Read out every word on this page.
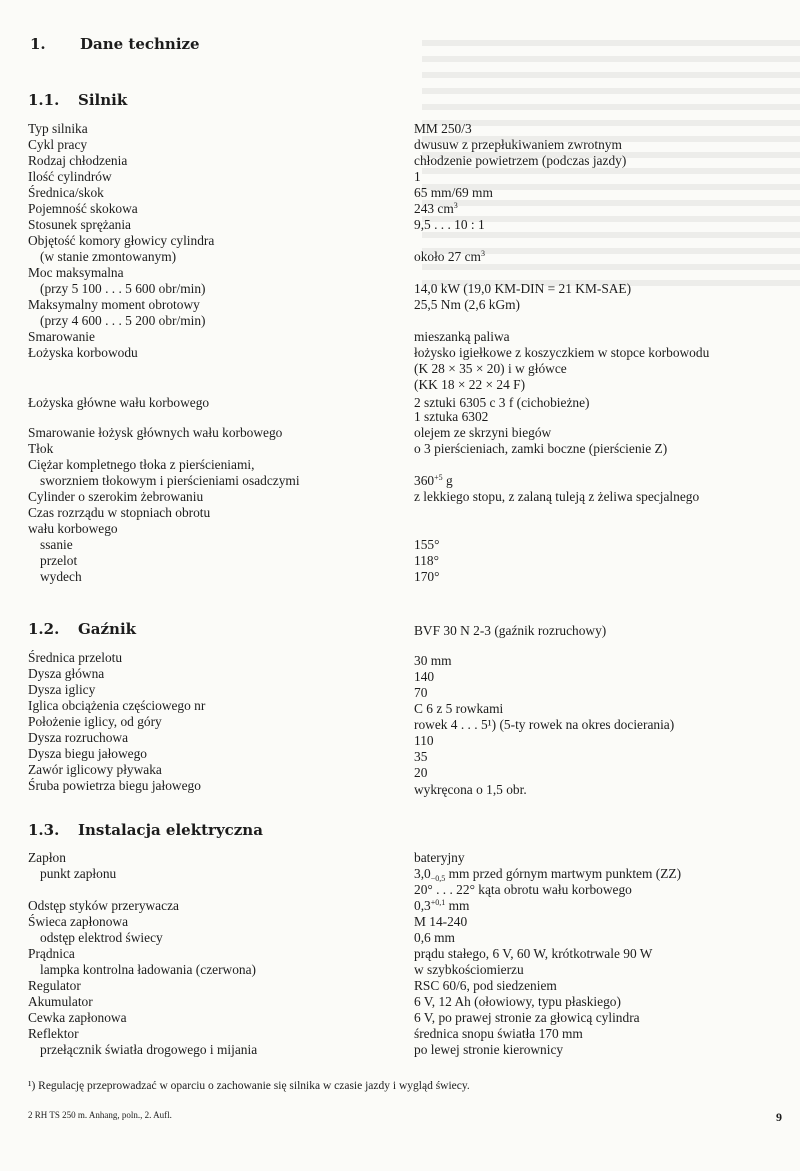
1. Dane technize
1.1. Silnik
1.2. Gaźnik
1.3. Instalacja elektryczna
Typ silnika	MM 250/3
Cykl pracy	dwusuw z przepłukiwaniem zwrotnym
Rodzaj chłodzenia	chłodzenie powietrzem (podczas jazdy)
Ilość cylindrów	1
Średnica/skok	65 mm/69 mm
Pojemność skokowa	243 $cm^3$
Stosunek sprężania	9,5 . . . 10 : 1
Objętość komory głowicy cylindra
(w stanie zmontowanym)	około 27 $cm^3$
Moc maksymalna
(przy 5 100 . . . 5 600 obr/min)	14,0 kW (19,0 KM-DIN = 21 KM-SAE)
Maksymalny moment obrotowy	25,5 Nm (2,6 kGm)
(przy 4 600 . . . 5 200 obr/min)
Smarowanie	mieszanką paliwa
Łożyska korbowodu	łożysko igiełkowe z koszyczkiem w stopce korbowodu
(K 28 × 35 × 20) i w główce
(KK 18 × 22 × 24 F)
Łożyska główne wału korbowego	2 sztuki 6305 c 3 f (cichobieżne)
1 sztuka 6302
Smarowanie łożysk głównych wału korbowego	olejem ze skrzyni biegów
Tłok	o 3 pierścieniach, zamki boczne (pierścienie Z)
Ciężar kompletnego tłoka z pierścieniami,
sworzniem tłokowym i pierścieniami osadczymi	$360^{+5}$ g
Cylinder o szerokim żebrowaniu	z lekkiego stopu, z zalaną tuleją z żeliwa specjalnego
Czas rozrządu w stopniach obrotu
wału korbowego
ssanie	155°
przelot	118°
wydech	170°
BVF 30 N 2-3 (gaźnik rozruchowy)
Średnica przelotu	30 mm
Dysza główna	140
Dysza iglicy	70
Iglica obciążenia częściowego nr	C 6 z 5 rowkami
Położenie iglicy, od góry	rowek 4 . . . 5¹) (5-ty rowek na okres docierania)
Dysza rozruchowa	110
Dysza biegu jałowego	35
Zawór iglicowy pływaka	20
Śruba powietrza biegu jałowego	wykręcona o 1,5 obr.
Zapłon	bateryjny
punkt zapłonu	$3,0_{-0,5}$ mm przed górnym martwym punktem (ZZ)
20° . . . 22° kąta obrotu wału korbowego
Odstęp styków przerywacza	$0,3^{+0,1}$ mm
Świeca zapłonowa	M 14-240
odstęp elektrod świecy	0,6 mm
Prądnica	prądu stałego, 6 V, 60 W, krótkotrwale 90 W
lampka kontrolna ładowania (czerwona)	w szybkościomierzu
Regulator	RSC 60/6, pod siedzeniem
Akumulator	6 V, 12 Ah (ołowiowy, typu płaskiego)
Cewka zapłonowa	6 V, po prawej stronie za głowicą cylindra
Reflektor	średnica snopu światła 170 mm
przełącznik światła drogowego i mijania	po lewej stronie kierownicy
¹) Regulację przeprowadzać w oparciu o zachowanie się silnika w czasie jazdy i wygląd świecy.
2 RH TS 250 m. Anhang, poln., 2. Aufl.	9
